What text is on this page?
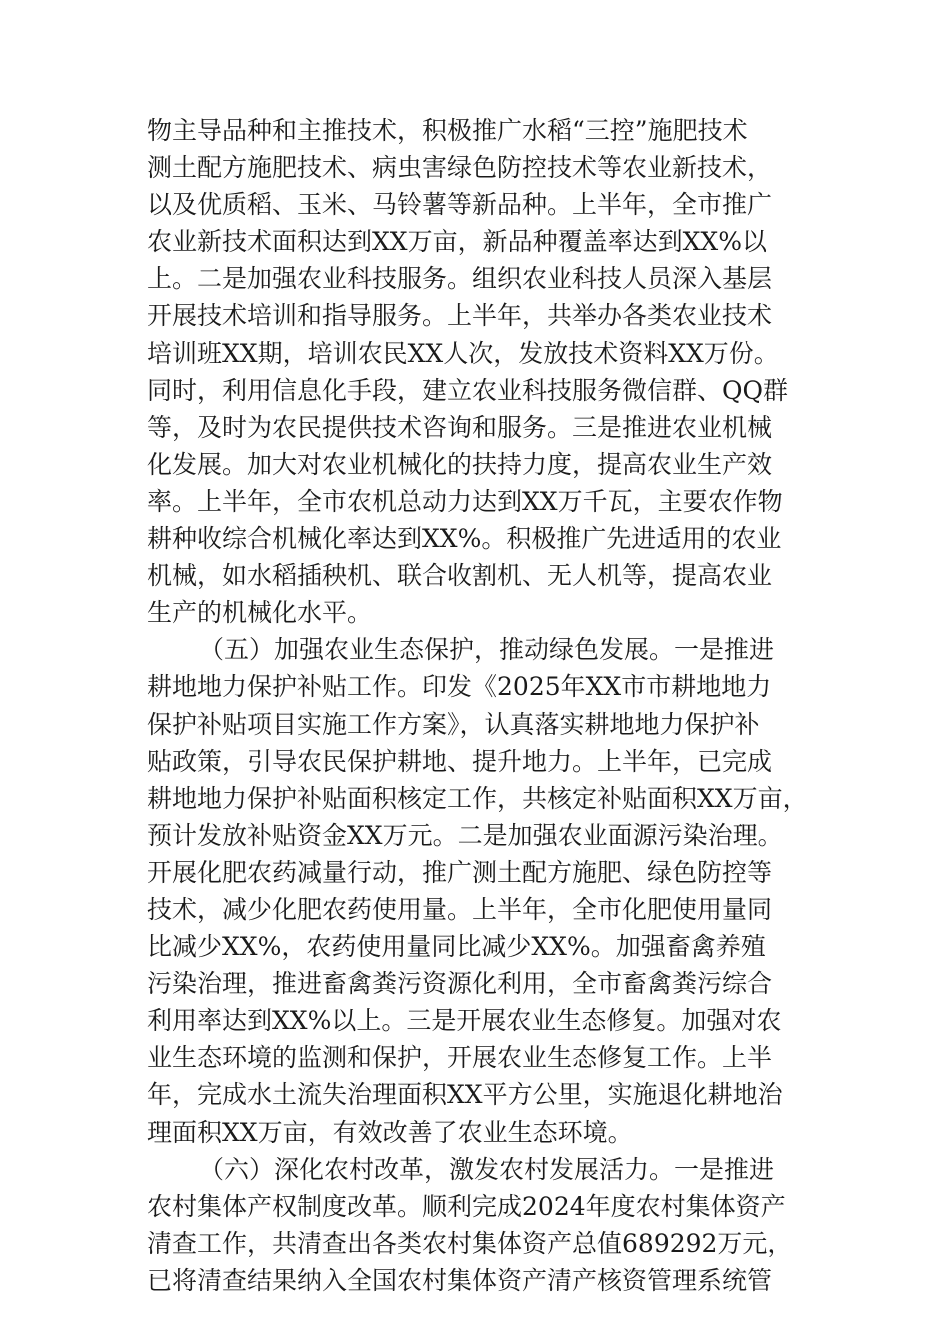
物主导品种和主推技术，积极推广水稻“三控”施肥技术
测土配方施肥技术、病虫害绿色防控技术等农业新技术，
以及优质稻、玉米、马铃薯等新品种。上半年，全市推广
农业新技术面积达到XX万亩，新品种覆盖率达到XX%以
上。二是加强农业科技服务。组织农业科技人员深入基层
开展技术培训和指导服务。上半年，共举办各类农业技术
培训班XX期，培训农民XX人次，发放技术资料XX万份。
同时，利用信息化手段，建立农业科技服务微信群、QQ群
等，及时为农民提供技术咨询和服务。三是推进农业机械
化发展。加大对农业机械化的扶持力度，提高农业生产效
率。上半年，全市农机总动力达到XX万千瓦，主要农作物
耕种收综合机械化率达到XX%。积极推广先进适用的农业
机械，如水稻插秧机、联合收割机、无人机等，提高农业
生产的机械化水平。
（五）加强农业生态保护，推动绿色发展。一是推进
耕地地力保护补贴工作。印发《2025年XX市市耕地地力
保护补贴项目实施工作方案》，认真落实耕地地力保护补
贴政策，引导农民保护耕地、提升地力。上半年，已完成
耕地地力保护补贴面积核定工作，共核定补贴面积XX万亩，
预计发放补贴资金XX万元。二是加强农业面源污染治理。
开展化肥农药减量行动，推广测土配方施肥、绿色防控等
技术，减少化肥农药使用量。上半年，全市化肥使用量同
比减少XX%，农药使用量同比减少XX%。加强畜禽养殖
污染治理，推进畜禽粪污资源化利用，全市畜禽粪污综合
利用率达到XX%以上。三是开展农业生态修复。加强对农
业生态环境的监测和保护，开展农业生态修复工作。上半
年，完成水土流失治理面积XX平方公里，实施退化耕地治
理面积XX万亩，有效改善了农业生态环境。
（六）深化农村改革，激发农村发展活力。一是推进
农村集体产权制度改革。顺利完成2024年度农村集体资产
清查工作，共清查出各类农村集体资产总值689292万元，
已将清查结果纳入全国农村集体资产清产核资管理系统管
